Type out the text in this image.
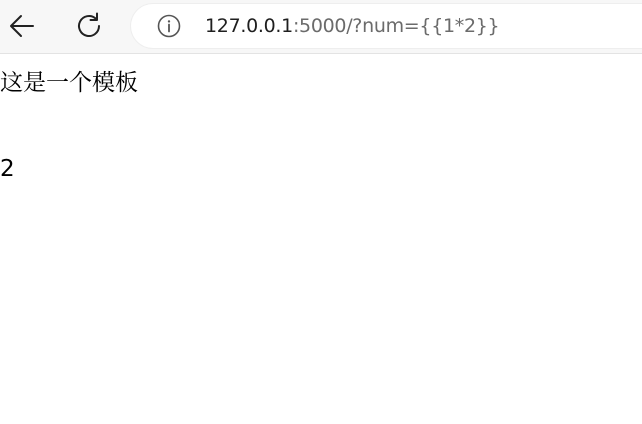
127.0.0.1:5000/?num={{1*2}}
这是一个模板

2
